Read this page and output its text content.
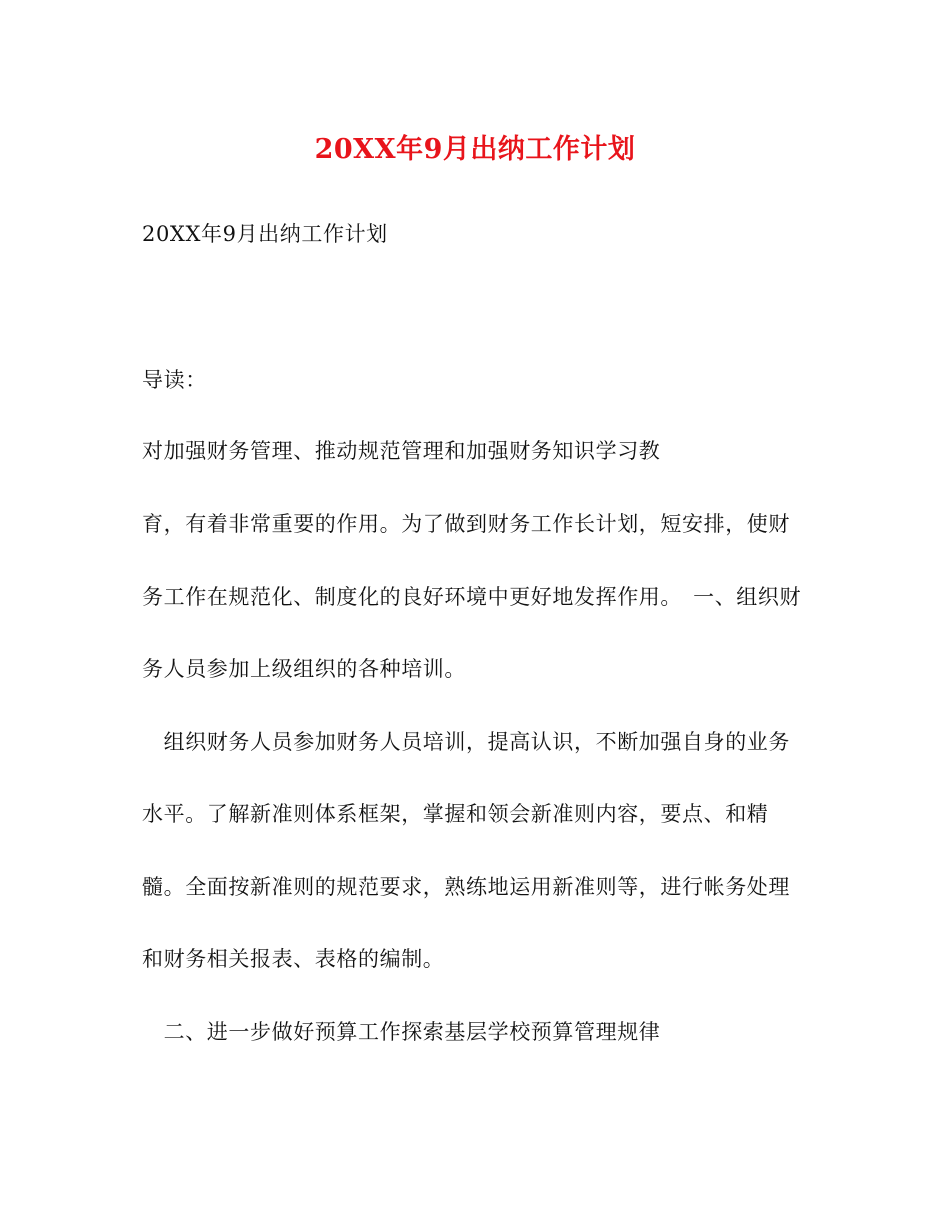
20XX年9月出纳工作计划
20XX年9月出纳工作计划
导读：
对加强财务管理、推动规范管理和加强财务知识学习教
育，有着非常重要的作用。为了做到财务工作长计划，短安排，使财
务工作在规范化、制度化的良好环境中更好地发挥作用。　一、组织财
务人员参加上级组织的各种培训。
　组织财务人员参加财务人员培训，提高认识，不断加强自身的业务
水平。了解新准则体系框架，掌握和领会新准则内容，要点、和精
髓。全面按新准则的规范要求，熟练地运用新准则等，进行帐务处理
和财务相关报表、表格的编制。
　二、进一步做好预算工作探索基层学校预算管理规律
